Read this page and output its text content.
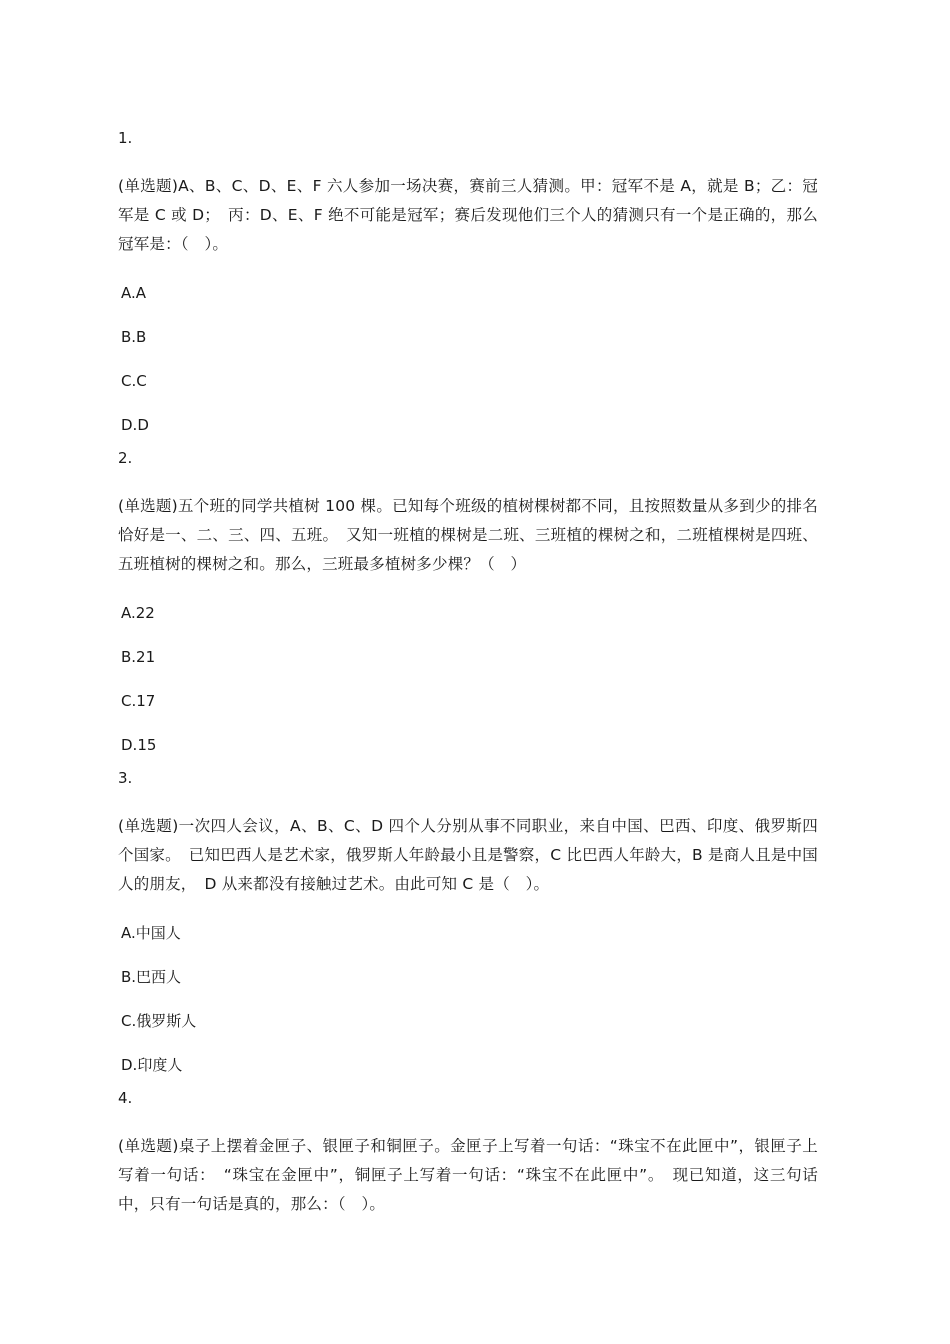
1.

(单选题)A、B、C、D、E、F 六人参加一场决赛，赛前三人猜测。甲：冠军不是 A，就是 B；乙：冠军是 C 或 D；　丙：D、E、F 绝不可能是冠军；赛后发现他们三个人的猜测只有一个是正确的，那么冠军是：（　）。

A.A
B.B
C.C
D.D

2.

(单选题)五个班的同学共植树 100 棵。已知每个班级的植树棵树都不同，且按照数量从多到少的排名恰好是一、二、三、四、五班。　又知一班植的棵树是二班、三班植的棵树之和，二班植棵树是四班、五班植树的棵树之和。那么，三班最多植树多少棵？（　）

A.22
B.21
C.17
D.15

3.

(单选题)一次四人会议，A、B、C、D 四个人分别从事不同职业，来自中国、巴西、印度、俄罗斯四个国家。　已知巴西人是艺术家，俄罗斯人年龄最小且是警察，C 比巴西人年龄大，B 是商人且是中国人的朋友，　D 从来都没有接触过艺术。由此可知 C 是（　）。

A.中国人
B.巴西人
C.俄罗斯人
D.印度人

4.

(单选题)桌子上摆着金匣子、银匣子和铜匣子。金匣子上写着一句话：“珠宝不在此匣中”，银匣子上写着一句话：　“珠宝在金匣中”，铜匣子上写着一句话：“珠宝不在此匣中”。　现已知道，这三句话中，只有一句话是真的，那么：（　）。
